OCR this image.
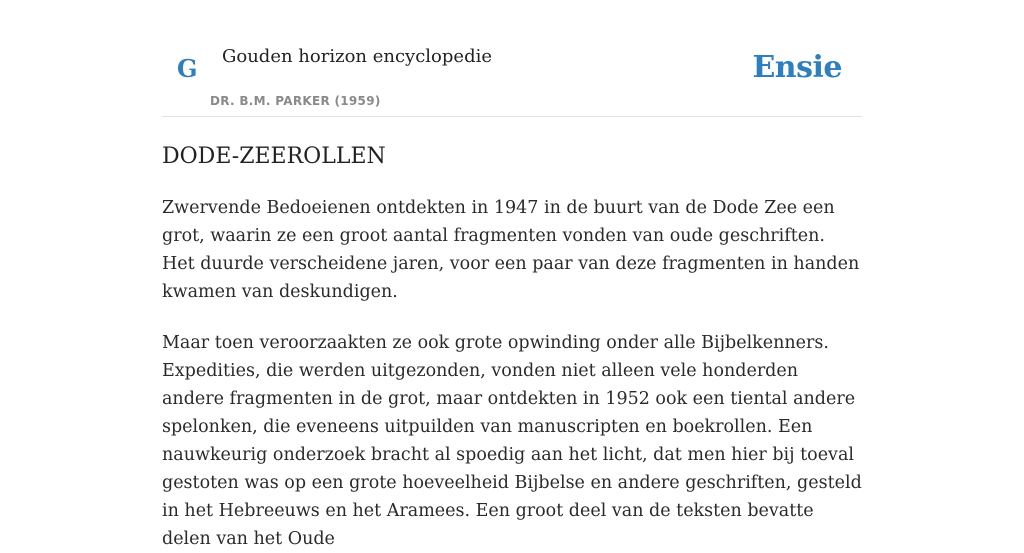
G Gouden horizon encyclopedie
DR. B.M. PARKER (1959)
Ensie
DODE-ZEEROLLEN

Zwervende Bedoeienen ontdekten in 1947 in de buurt van de Dode Zee een grot, waarin ze een groot aantal fragmenten vonden van oude geschriften. Het duurde verscheidene jaren, voor een paar van deze fragmenten in handen kwamen van deskundigen.

Maar toen veroorzaakten ze ook grote opwinding onder alle Bijbelkenners. Expedities, die werden uitgezonden, vonden niet alleen vele honderden andere fragmenten in de grot, maar ontdekten in 1952 ook een tiental andere spelonken, die eveneens uitpuilden van manuscripten en boekrollen. Een nauwkeurig onderzoek bracht al spoedig aan het licht, dat men hier bij toeval gestoten was op een grote hoeveelheid Bijbelse en andere geschriften, gesteld in het Hebreeuws en het Aramees. Een groot deel van de teksten bevatte delen van het Oude
